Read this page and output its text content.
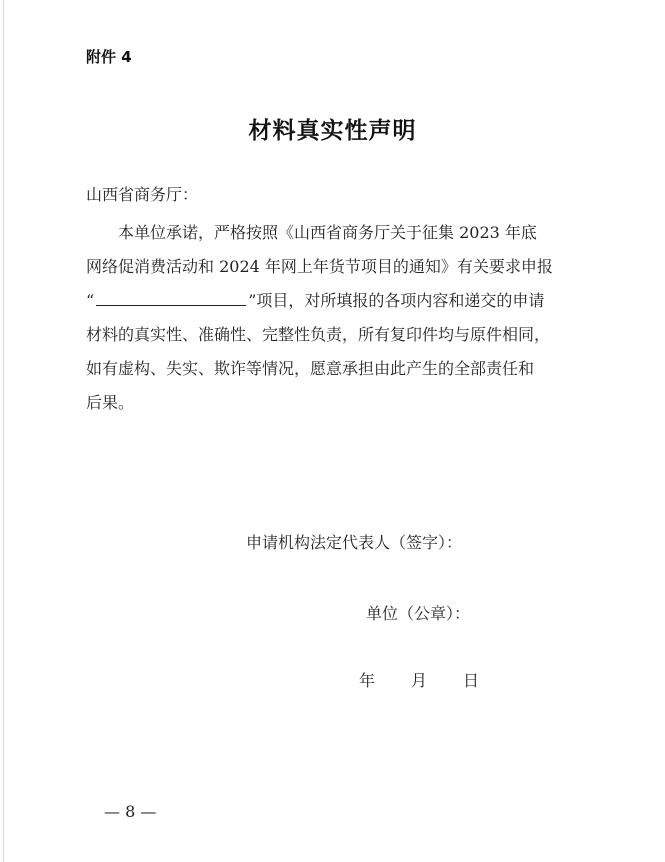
附件 4
材料真实性声明
山西省商务厅：
本单位承诺，严格按照《山西省商务厅关于征集 2023 年底
网络促消费活动和 2024 年网上年货节项目的通知》有关要求申报
“	”项目，对所填报的各项内容和递交的申请
材料的真实性、准确性、完整性负责，所有复印件均与原件相同，
如有虚构、失实、欺诈等情况，愿意承担由此产生的全部责任和
后果。
申请机构法定代表人（签字）：
单位（公章）：
年 月 日
— 8 —
